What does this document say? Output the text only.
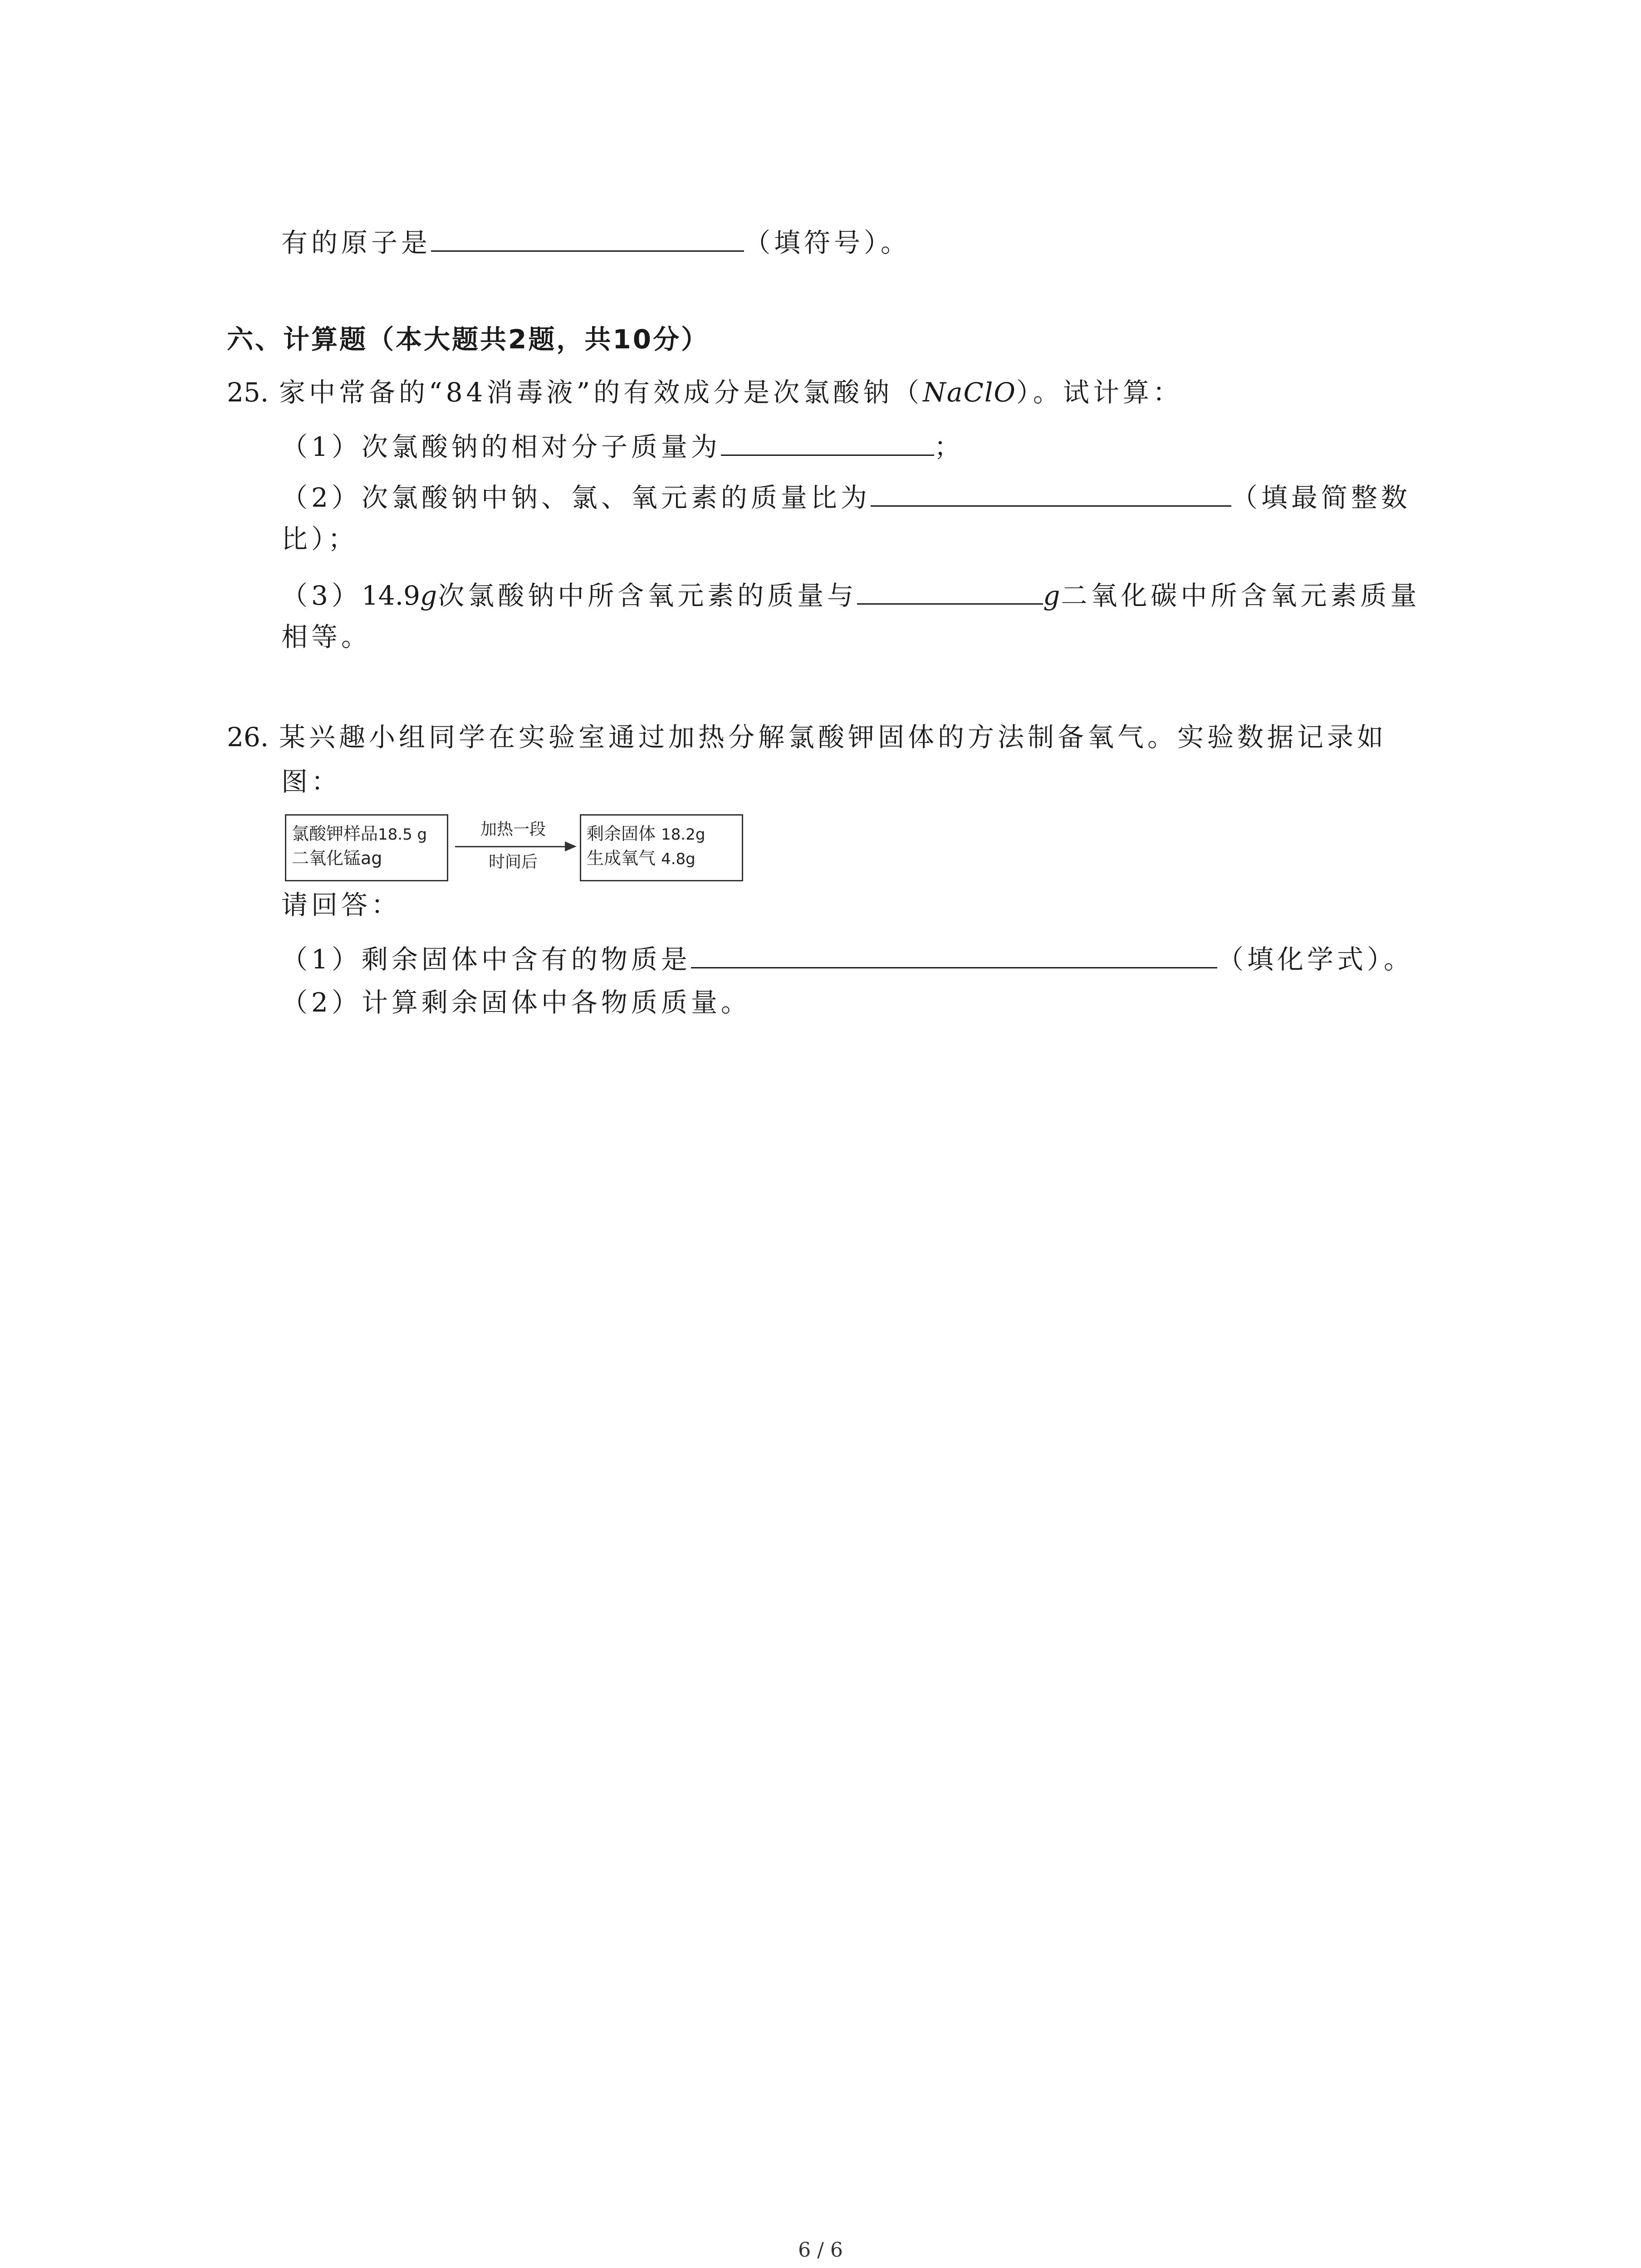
有的原子是	（填符号）。
六、计算题（本大题共2题，共10分）
25. 家中常备的“84消毒液”的有效成分是次氯酸钠（NaClO）。试计算：
（1）次氯酸钠的相对分子质量为	；
（2）次氯酸钠中钠、氯、氧元素的质量比为	（填最简整数
比）；
（3）14.9g次氯酸钠中所含氧元素的质量与	g二氧化碳中所含氧元素质量
相等。
26. 某兴趣小组同学在实验室通过加热分解氯酸钾固体的方法制备氧气。实验数据记录如
图：
氯酸钾样品18.5 g
二氧化锰ag
加热一段
时间后
剩余固体 18.2g
生成氧气 4.8g
请回答：
（1）剩余固体中含有的物质是	（填化学式）。
（2）计算剩余固体中各物质质量。
6 / 6
